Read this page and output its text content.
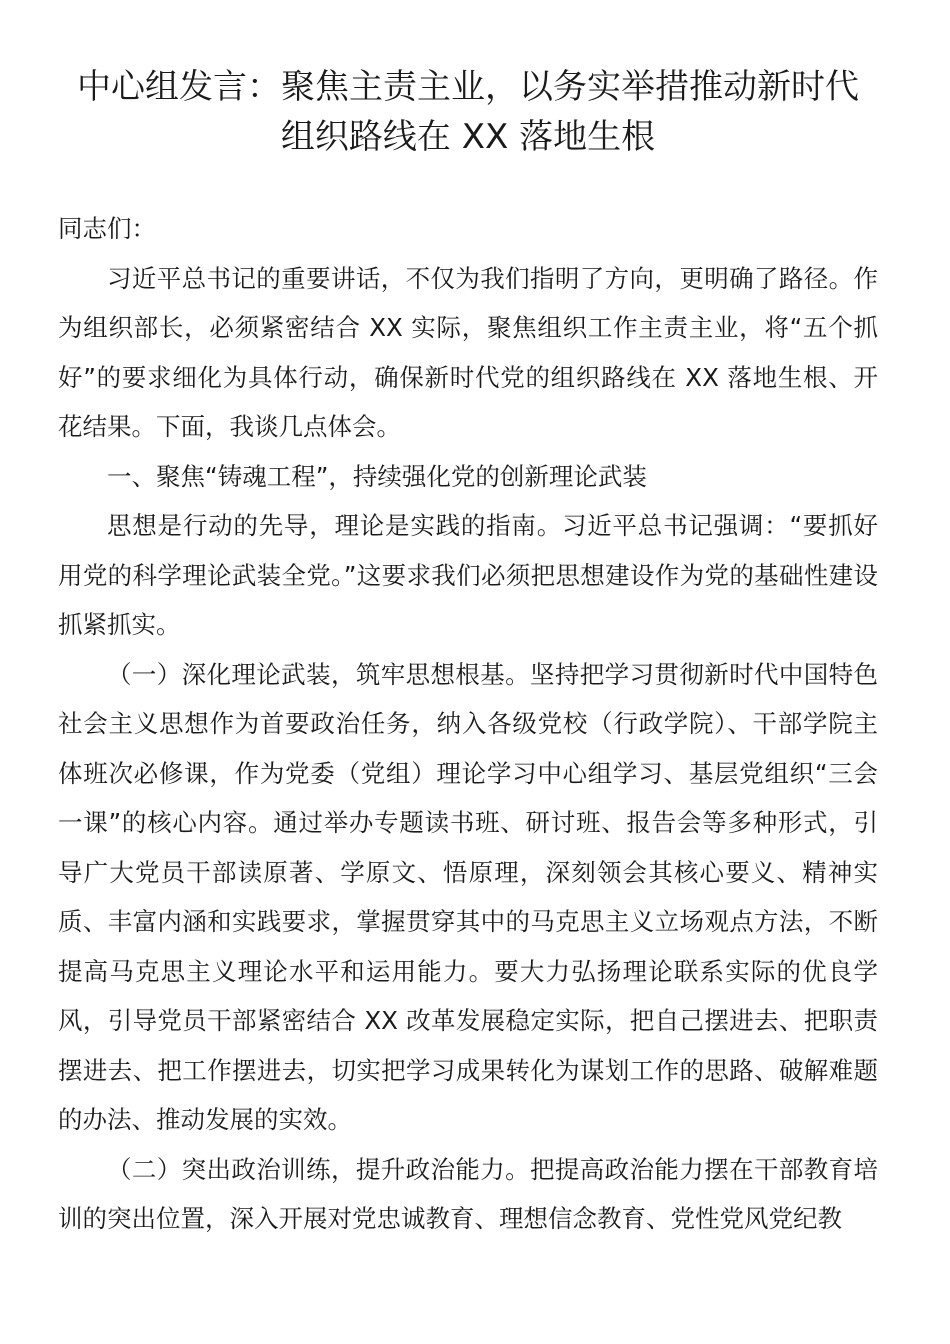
中心组发言：聚焦主责主业，以务实举措推动新时代
组织路线在 XX 落地生根

同志们：

习近平总书记的重要讲话，不仅为我们指明了方向，更明确了路径。作为组织部长，必须紧密结合 XX 实际，聚焦组织工作主责主业，将“五个抓好”的要求细化为具体行动，确保新时代党的组织路线在 XX 落地生根、开花结果。下面，我谈几点体会。

一、聚焦“铸魂工程”，持续强化党的创新理论武装

思想是行动的先导，理论是实践的指南。习近平总书记强调：“要抓好用党的科学理论武装全党。”这要求我们必须把思想建设作为党的基础性建设抓紧抓实。

（一）深化理论武装，筑牢思想根基。坚持把学习贯彻新时代中国特色社会主义思想作为首要政治任务，纳入各级党校（行政学院）、干部学院主体班次必修课，作为党委（党组）理论学习中心组学习、基层党组织“三会一课”的核心内容。通过举办专题读书班、研讨班、报告会等多种形式，引导广大党员干部读原著、学原文、悟原理，深刻领会其核心要义、精神实质、丰富内涵和实践要求，掌握贯穿其中的马克思主义立场观点方法，不断提高马克思主义理论水平和运用能力。要大力弘扬理论联系实际的优良学风，引导党员干部紧密结合 XX 改革发展稳定实际，把自己摆进去、把职责摆进去、把工作摆进去，切实把学习成果转化为谋划工作的思路、破解难题的办法、推动发展的实效。

（二）突出政治训练，提升政治能力。把提高政治能力摆在干部教育培训的突出位置，深入开展对党忠诚教育、理想信念教育、党性党风党纪教
